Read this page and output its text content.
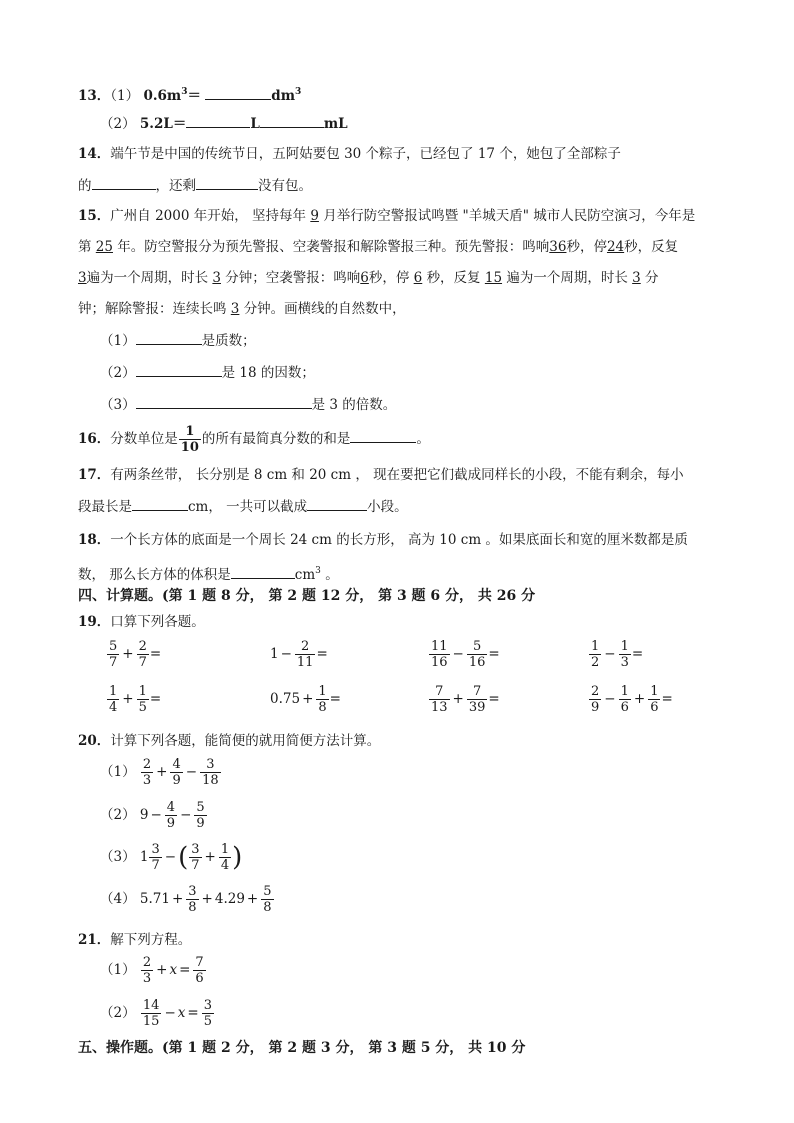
13．（1） $0.6m^3=$	$dm^3$
（2） 5.2L＝	L	mL
14．端午节是中国的传统节日，五阿姑要包 30 个粽子，已经包了 17 个，她包了全部粽子
的	，还剩	没有包。
15．广州自 2000 年开始， 坚持每年 9 月举行防空警报试鸣暨 "羊城天盾" 城市人民防空演习，今年是
第 25 年。防空警报分为预先警报、空袭警报和解除警报三种。预先警报：鸣响36秒，停24秒，反复
3遍为一个周期，时长 3 分钟；空袭警报：鸣响6秒，停 6 秒，反复 15 遍为一个周期，时长 3 分
钟；解除警报：连续长鸣 3 分钟。画横线的自然数中，
（1）	是质数；
（2）	是 18 的因数；
（3）	是 3 的倍数。
16．分数单位是 $\frac{1}{10}$ 的所有最简真分数的和是	。
17．有两条丝带， 长分别是 8 cm 和 20 cm ， 现在要把它们截成同样长的小段，不能有剩余，每小
段最长是	cm， 一共可以截成	小段。
18．一个长方体的底面是一个周长 24 cm 的长方形， 高为 10 cm 。如果底面长和宽的厘米数都是质
数， 那么长方体的体积是	$cm^3$ 。
四、计算题。(第 1 题 8 分， 第 2 题 12 分， 第 3 题 6 分， 共 26 分
19．口算下列各题。
$\frac{5}{7} + \frac{2}{7}$ =	$1 - \frac{2}{11}$ =	$\frac{11}{16} - \frac{5}{16}$ =	$\frac{1}{2} - \frac{1}{3}$ =
$\frac{1}{4} + \frac{1}{5}$ =	$0.75 + \frac{1}{8}$ =	$\frac{7}{13} + \frac{7}{39}$ =	$\frac{2}{9} - \frac{1}{6} + \frac{1}{6}$ =
20．计算下列各题，能简便的就用简便方法计算。
$(1) \frac{2}{3} + \frac{4}{9} - \frac{3}{18}$
（2） $9 - \frac{4}{9} - \frac{5}{9}$
（3） $1 \frac{3}{7}$ −( $\frac{3}{7} + \frac{1}{4}$ )
（4） $5.71 + \frac{3}{8} + 4.29 + \frac{5}{8}$
21．解下列方程。
$(1) \frac{2}{3} + x = \frac{7}{6}$
$(2) \frac{14}{15} - x = \frac{3}{5}$
五、操作题。(第 1 题 2 分， 第 2 题 3 分， 第 3 题 5 分， 共 10 分
